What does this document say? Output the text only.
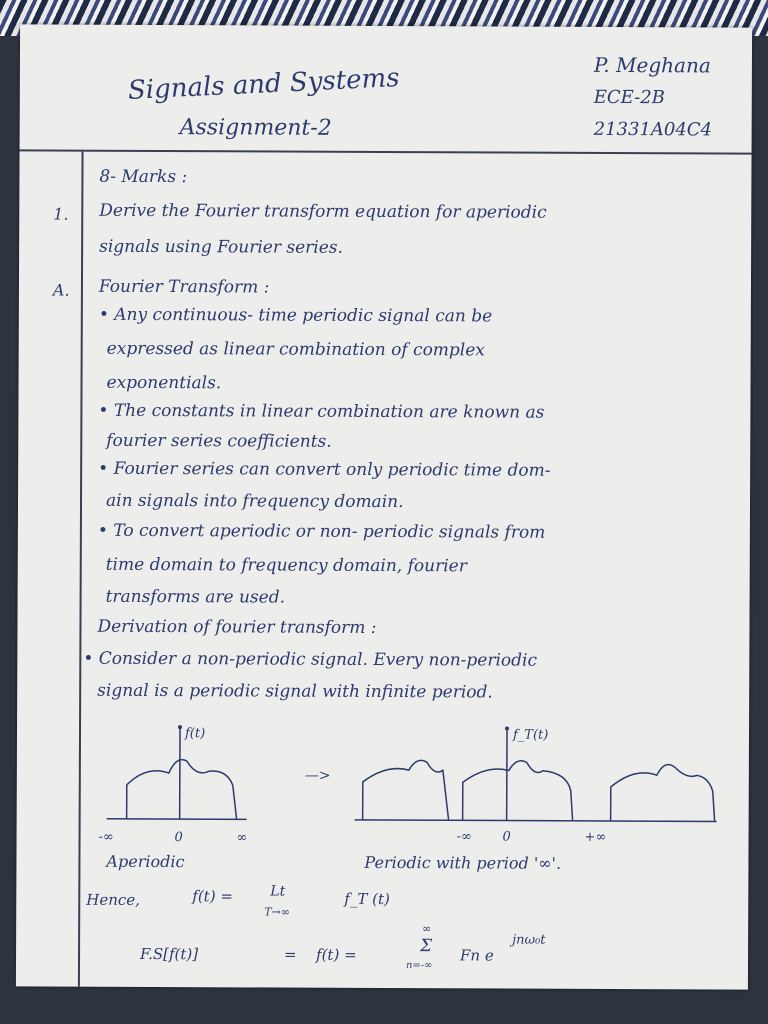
Signals and Systems
Assignment-2
P. Meghana
ECE-2B
21331A04C4
8- Marks :
1. Derive the Fourier transform equation for aperiodic
signals using Fourier series.
A. Fourier Transform :
• Any continuous- time periodic signal can be
expressed as linear combination of complex
exponentials.
• The constants in linear combination are known as
fourier series coefficients.
• Fourier series can convert only periodic time dom-
ain signals into frequency domain.
• To convert aperiodic or non- periodic signals from
time domain to frequency domain, fourier
transforms are used.
Derivation of fourier transform :
• Consider a non-periodic signal. Every non-periodic
signal is a periodic signal with infinite period.
f(t)
-∞	0	∞
—>
f_T(t)
-∞ 0	+∞
Aperiodic	Periodic with period '∞'.
Hence,	f(t) =	Lt
T→∞
f_T (t)
F.S[f(t)]	= f(t) =
∞
Σ
n=-∞
Fn e
jnω₀t
